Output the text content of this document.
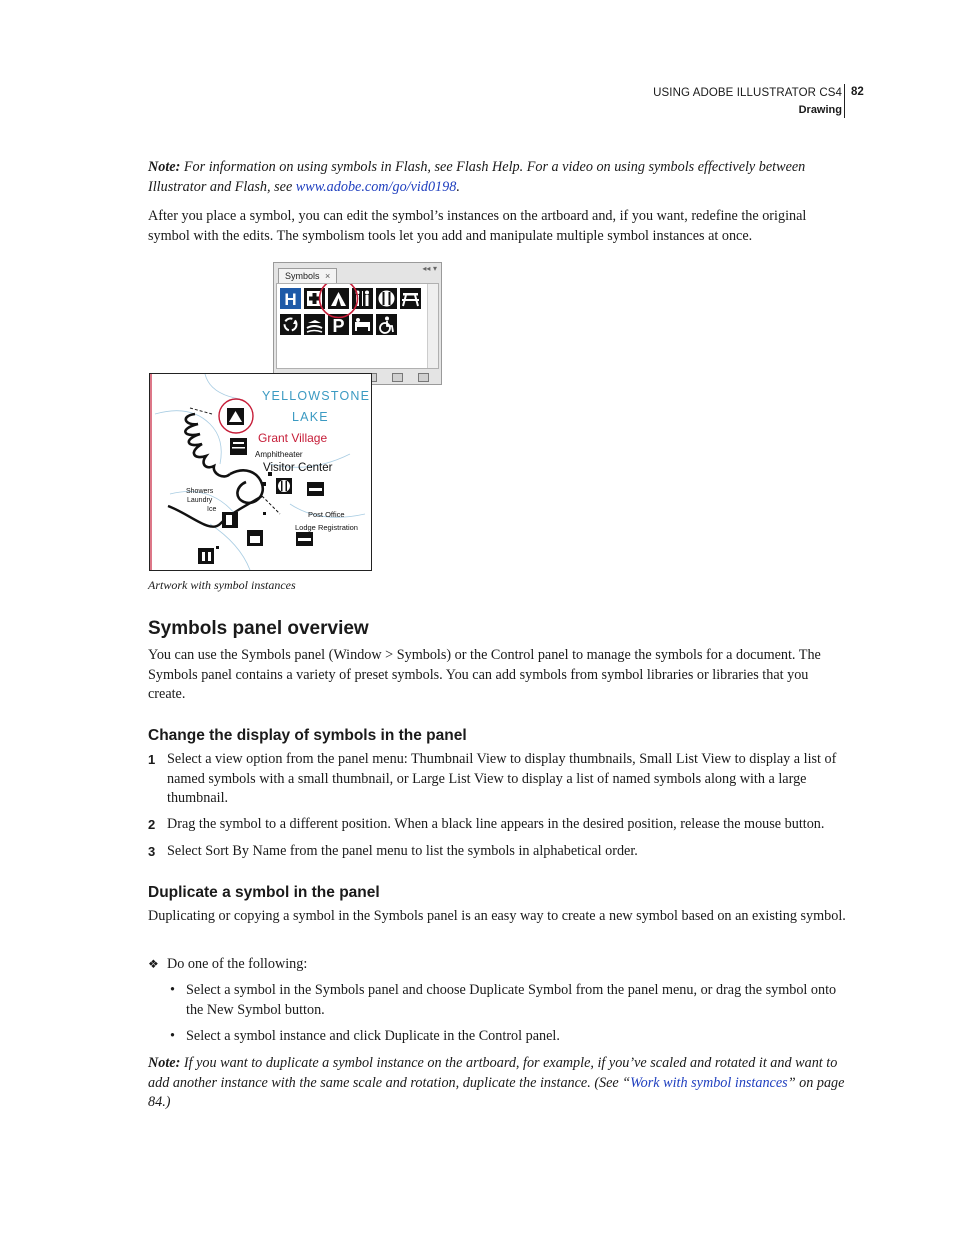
USING ADOBE ILLUSTRATOR CS4
Drawing
82
Note: For information on using symbols in Flash, see Flash Help. For a video on using symbols effectively between Illustrator and Flash, see www.adobe.com/go/vid0198.
After you place a symbol, you can edit the symbol’s instances on the artboard and, if you want, redefine the original symbol with the edits. The symbolism tools let you add and manipulate multiple symbol instances at once.
◂◂ ▾
Symbols ×
H
P
YELLOWSTONE
LAKE
Grant Village
Amphitheater
Visitor Center
Showers
Laundry
Ice
Post Office
Lodge Registration
Artwork with symbol instances
Symbols panel overview
You can use the Symbols panel (Window > Symbols) or the Control panel to manage the symbols for a document. The Symbols panel contains a variety of preset symbols. You can add symbols from symbol libraries or libraries that you create.
Change the display of symbols in the panel
1 Select a view option from the panel menu: Thumbnail View to display thumbnails, Small List View to display a list of named symbols with a small thumbnail, or Large List View to display a list of named symbols along with a large thumbnail.
2 Drag the symbol to a different position. When a black line appears in the desired position, release the mouse button.
3 Select Sort By Name from the panel menu to list the symbols in alphabetical order.
Duplicate a symbol in the panel
Duplicating or copying a symbol in the Symbols panel is an easy way to create a new symbol based on an existing symbol.
❖ Do one of the following:
• Select a symbol in the Symbols panel and choose Duplicate Symbol from the panel menu, or drag the symbol onto the New Symbol button.
• Select a symbol instance and click Duplicate in the Control panel.
Note: If you want to duplicate a symbol instance on the artboard, for example, if you’ve scaled and rotated it and want to add another instance with the same scale and rotation, duplicate the instance. (See “Work with symbol instances” on page 84.)
